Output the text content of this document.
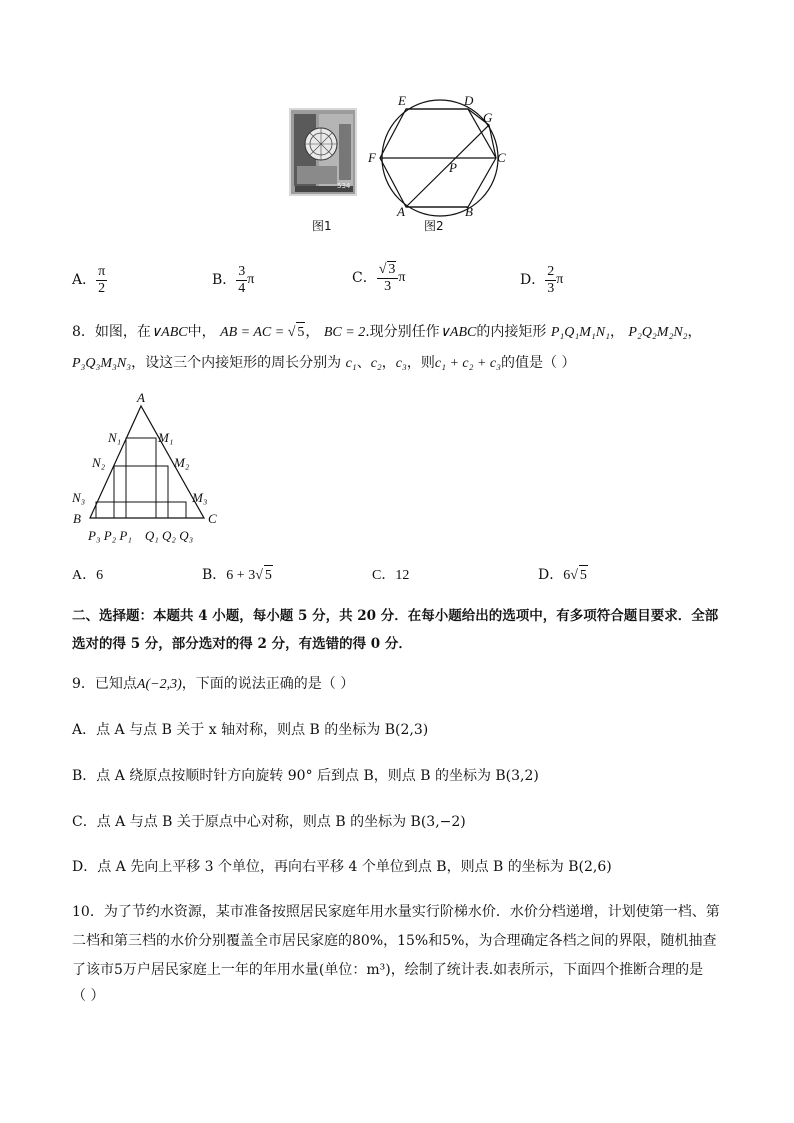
534
图1
E	D
G
F	C
P
A	B
图2
A． $\frac{\pi}{2}$	B． $\frac{3}{4}$ π	C． $\frac{√ 3}{3}$ π	D． $\frac{2}{3}$ π
8．如图，在∨ABC中， AB = AC = √ 5， BC = 2.现分别任作∨ABC的内接矩形 P₁Q₁M₁N₁， P₂Q₂M₂N₂，
P₃Q₃M₃N₃，设这三个内接矩形的周长分别为 c₁、c₂，c₃，则c₁ + c₂ + c₃的值是（ ）
A
N₁	M₁
N₂	M₂
N₃	M₃
B	C
P₃ P₂ P₁    Q₁ Q₂ Q₃
A．6	B．6 + 3√ 5	C．12	D．6√ 5
二、选择题：本题共 4 小题，每小题 5 分，共 20 分．在每小题给出的选项中，有多项符合题目要求．全部
选对的得 5 分，部分选对的得 2 分，有选错的得 0 分．
9．已知点A(−2,3)，下面的说法正确的是（ ）
A．点 A 与点 B 关于 x 轴对称，则点 B 的坐标为 B(2,3)
B．点 A 绕原点按顺时针方向旋转 90° 后到点 B，则点 B 的坐标为 B(3,2)
C．点 A 与点 B 关于原点中心对称，则点 B 的坐标为 B(3,−2)
D．点 A 先向上平移 3 个单位，再向右平移 4 个单位到点 B，则点 B 的坐标为 B(2,6)
10．为了节约水资源，某市准备按照居民家庭年用水量实行阶梯水价．水价分档递增，计划使第一档、第
二档和第三档的水价分别覆盖全市居民家庭的80%，15%和5%，为合理确定各档之间的界限，随机抽查
了该市5万户居民家庭上一年的年用水量(单位：m³)，绘制了统计表.如表所示，下面四个推断合理的是
（ ）
